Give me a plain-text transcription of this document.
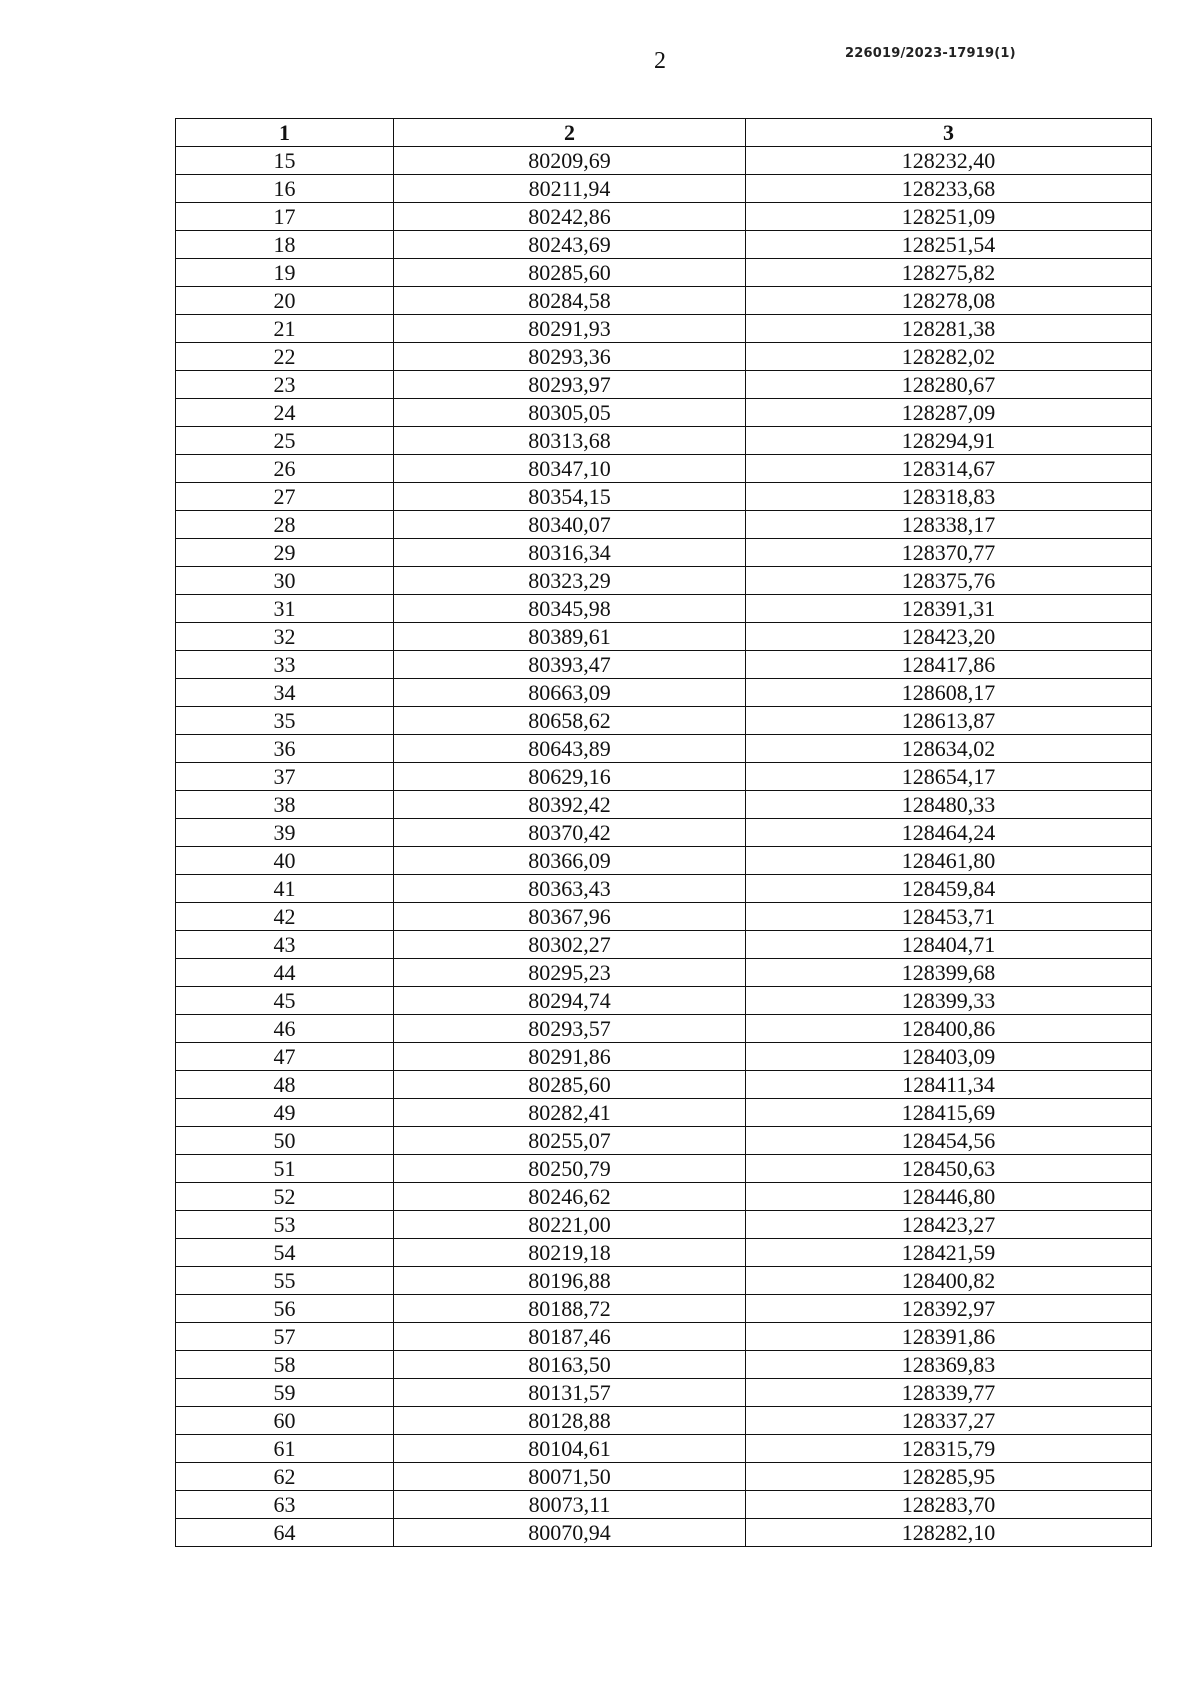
2	226019/2023-17919(1)
1	2	3
15	80209,69	128232,40
16	80211,94	128233,68
17	80242,86	128251,09
18	80243,69	128251,54
19	80285,60	128275,82
20	80284,58	128278,08
21	80291,93	128281,38
22	80293,36	128282,02
23	80293,97	128280,67
24	80305,05	128287,09
25	80313,68	128294,91
26	80347,10	128314,67
27	80354,15	128318,83
28	80340,07	128338,17
29	80316,34	128370,77
30	80323,29	128375,76
31	80345,98	128391,31
32	80389,61	128423,20
33	80393,47	128417,86
34	80663,09	128608,17
35	80658,62	128613,87
36	80643,89	128634,02
37	80629,16	128654,17
38	80392,42	128480,33
39	80370,42	128464,24
40	80366,09	128461,80
41	80363,43	128459,84
42	80367,96	128453,71
43	80302,27	128404,71
44	80295,23	128399,68
45	80294,74	128399,33
46	80293,57	128400,86
47	80291,86	128403,09
48	80285,60	128411,34
49	80282,41	128415,69
50	80255,07	128454,56
51	80250,79	128450,63
52	80246,62	128446,80
53	80221,00	128423,27
54	80219,18	128421,59
55	80196,88	128400,82
56	80188,72	128392,97
57	80187,46	128391,86
58	80163,50	128369,83
59	80131,57	128339,77
60	80128,88	128337,27
61	80104,61	128315,79
62	80071,50	128285,95
63	80073,11	128283,70
64	80070,94	128282,10
